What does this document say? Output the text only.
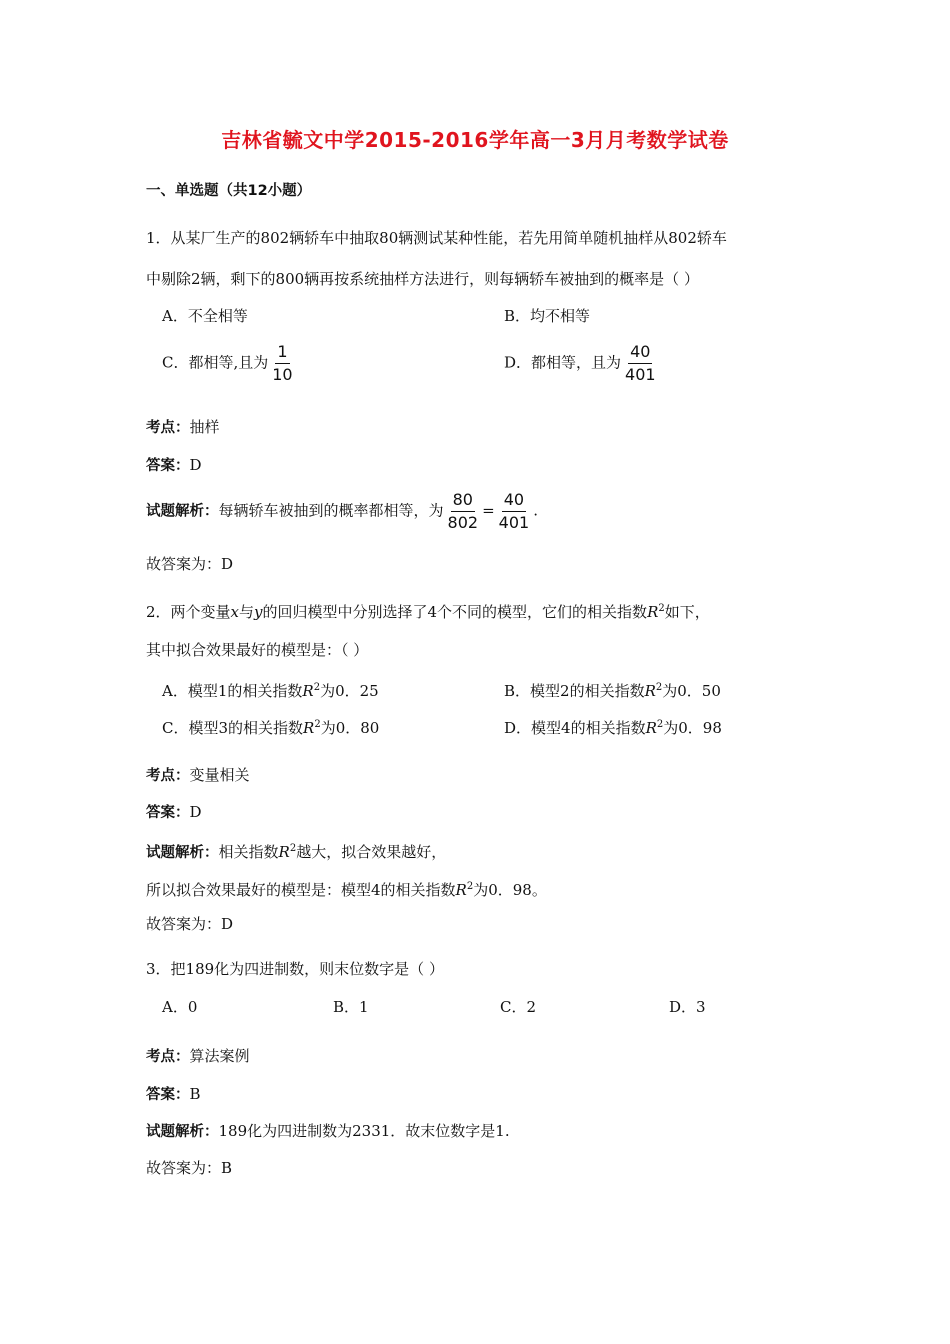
吉林省毓文中学2015-2016学年高一3月月考数学试卷
一、单选题（共12小题）
1．从某厂生产的802辆轿车中抽取80辆测试某种性能，若先用简单随机抽样从802轿车
中剔除2辆，剩下的800辆再按系统抽样方法进行，则每辆轿车被抽到的概率是（ ）
A．不全相等	B．均不相等
C．都相等,且为 $\frac{1}{10}$	D．都相等，且为 $\frac{40}{401}$
考点：抽样
答案：D
试题解析：每辆轿车被抽到的概率都相等，为 $\frac{80}{802} = \frac{40}{401}$ .
故答案为：D
2．两个变量x与y的回归模型中分别选择了4个不同的模型，它们的相关指数$R^2$如下，
其中拟合效果最好的模型是：（ ）
A．模型1的相关指数$R^2$为0．25	B．模型2的相关指数$R^2$为0．50
C．模型3的相关指数$R^2$为0．80	D．模型4的相关指数$R^2$为0．98
考点：变量相关
答案：D
试题解析：相关指数$R^2$越大，拟合效果越好，
所以拟合效果最好的模型是：模型4的相关指数$R^2$为0．98。
故答案为：D
3．把189化为四进制数，则末位数字是（ ）
A．0	B．1	C．2	D．3
考点：算法案例
答案：B
试题解析：189化为四进制数为2331．故末位数字是1.
故答案为：B
